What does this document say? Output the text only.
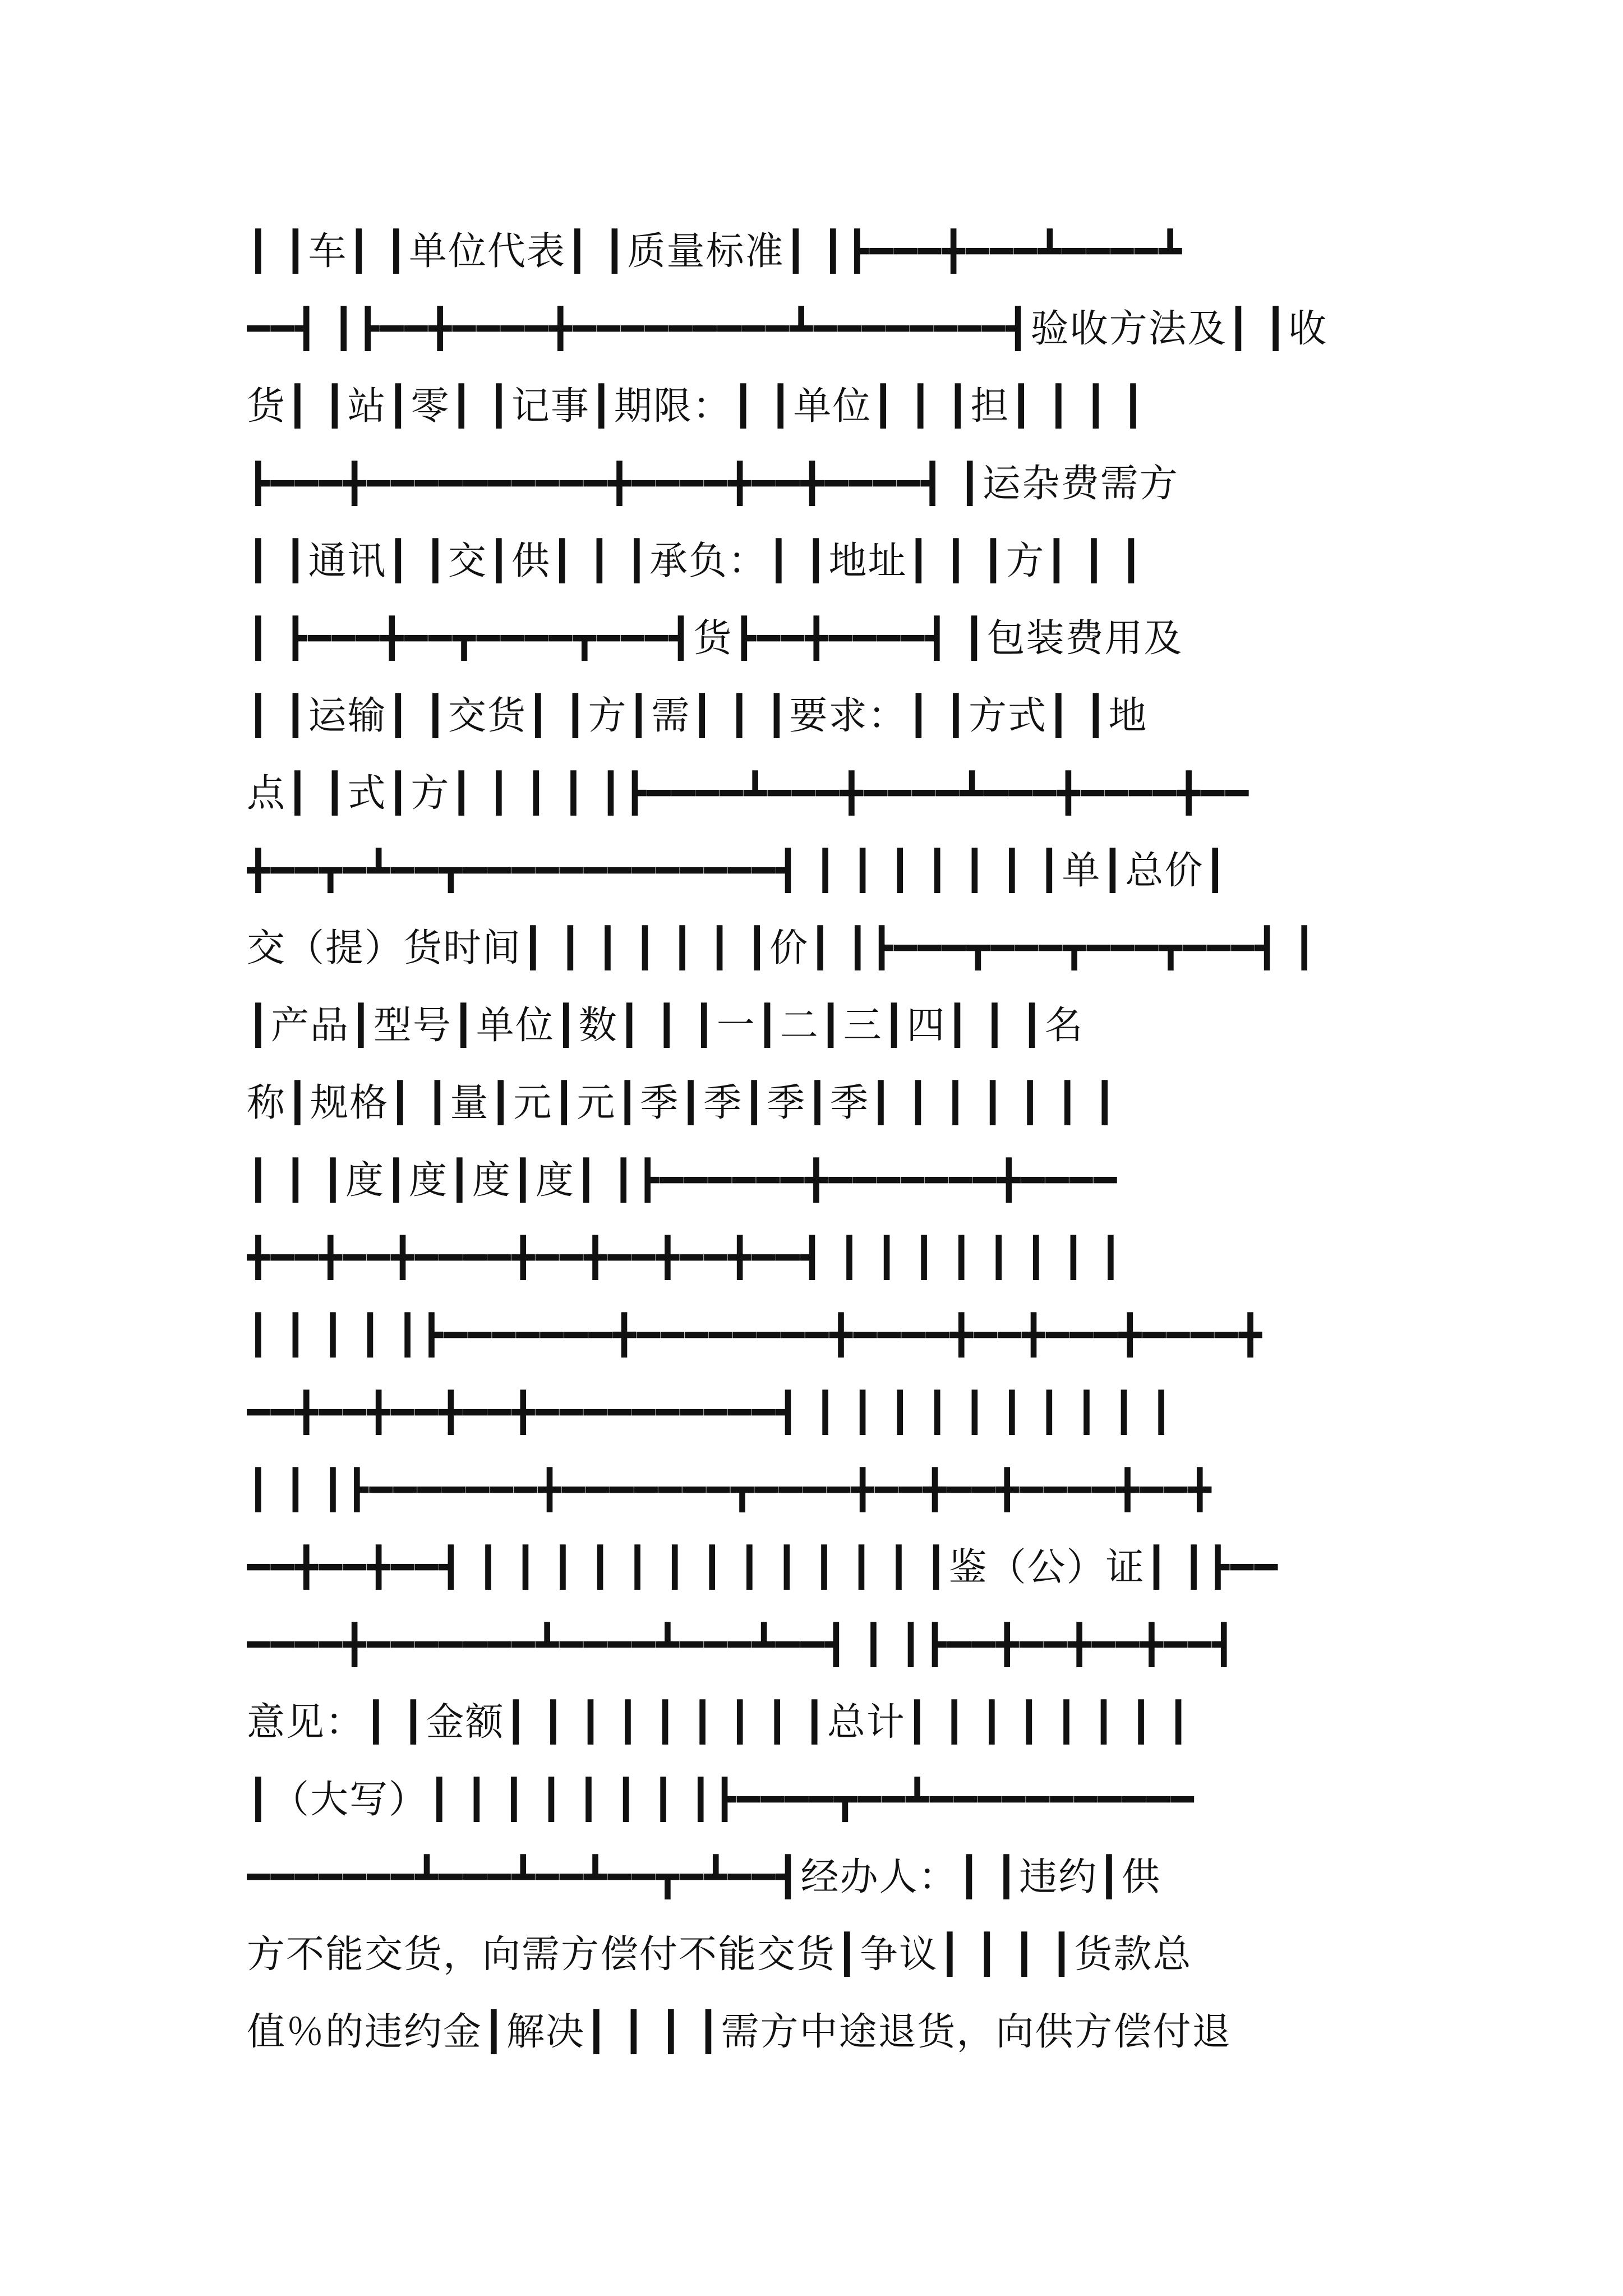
┃ ┃车┃ ┃单位代表┃ ┃质量标准┃ ┃┣━━━╋━━━┻━━━━┻
━━┫ ┃┣━━╋━━━━╋━━━━━━━━━┻━━━━━━━━┫验收方法及┃ ┃收
货┃ ┃站┃零┃ ┃记事┃期限：┃ ┃单位┃ ┃ ┃担┃ ┃ ┃ ┃
┣━━━╋━━━━━━━━━━╋━━━━╋━━╋━━━━┫ ┃运杂费需方
┃ ┃通讯┃ ┃交┃供┃ ┃ ┃承负：┃ ┃地址┃ ┃ ┃方┃ ┃ ┃
┃ ┣━━━╋━━┳━━━━┳━━━┫货┣━━╋━━━━┫ ┃包装费用及
┃ ┃运输┃ ┃交货┃ ┃方┃需┃ ┃ ┃要求：┃ ┃方式┃ ┃地
点┃ ┃式┃方┃ ┃ ┃ ┃ ┃┣━━━━┻━━━╋━━━━┻━━━╋━━━━╋━━
╋━━┳━┻━━┳━━━━━━━━━━━━━┫ ┃ ┃ ┃ ┃ ┃ ┃ ┃单┃总价┃
交（提）货时间┃ ┃ ┃ ┃ ┃ ┃ ┃价┃ ┃┣━━━┳━━━┳━━━┳━━━┫ ┃
┃产品┃型号┃单位┃数┃ ┃ ┃一┃二┃三┃四┃ ┃ ┃名
称┃规格┃ ┃量┃元┃元┃季┃季┃季┃季┃ ┃ ┃ ┃ ┃ ┃ ┃
┃ ┃ ┃度┃度┃度┃度┃ ┃┣━━━━━━╋━━━━━━━╋━━━━
╋━━╋━━╋━━━━╋━━╋━━╋━━╋━━┫ ┃ ┃ ┃ ┃ ┃ ┃ ┃ ┃
┃ ┃ ┃ ┃ ┃┣━━━━━━━╋━━━━━━━━╋━━━━╋━━╋━━━╋━━━━╋
━━╋━━╋━━╋━━╋━━━━━━━━━━┫ ┃ ┃ ┃ ┃ ┃ ┃ ┃ ┃ ┃ ┃
┃ ┃ ┃┣━━━━━━━╋━━━━━━━┳━━━━╋━━╋━━╋━━━━╋━━╋
━━╋━━╋━━┫ ┃ ┃ ┃ ┃ ┃ ┃ ┃ ┃ ┃ ┃ ┃ ┃ ┃鉴（公）证┃ ┃┣━━
━━━━╋━━━━━━━┻━━━━┻━━━┻━━┫ ┃ ┃┣━━╋━━╋━━╋━━┫
意见：┃ ┃金额┃ ┃ ┃ ┃ ┃ ┃ ┃ ┃ ┃总计┃ ┃ ┃ ┃ ┃ ┃ ┃ ┃
┃（大写）┃ ┃ ┃ ┃ ┃ ┃ ┃ ┃┣━━━━┳━━┻━━━━━━━━━━━
━━━━━━━┻━━━┻━━┻━━┳━┻━━┫经办人：┃ ┃违约┃供
方不能交货，向需方偿付不能交货┃争议┃ ┃ ┃ ┃货款总
值％的违约金┃解决┃ ┃ ┃ ┃需方中途退货，向供方偿付退
